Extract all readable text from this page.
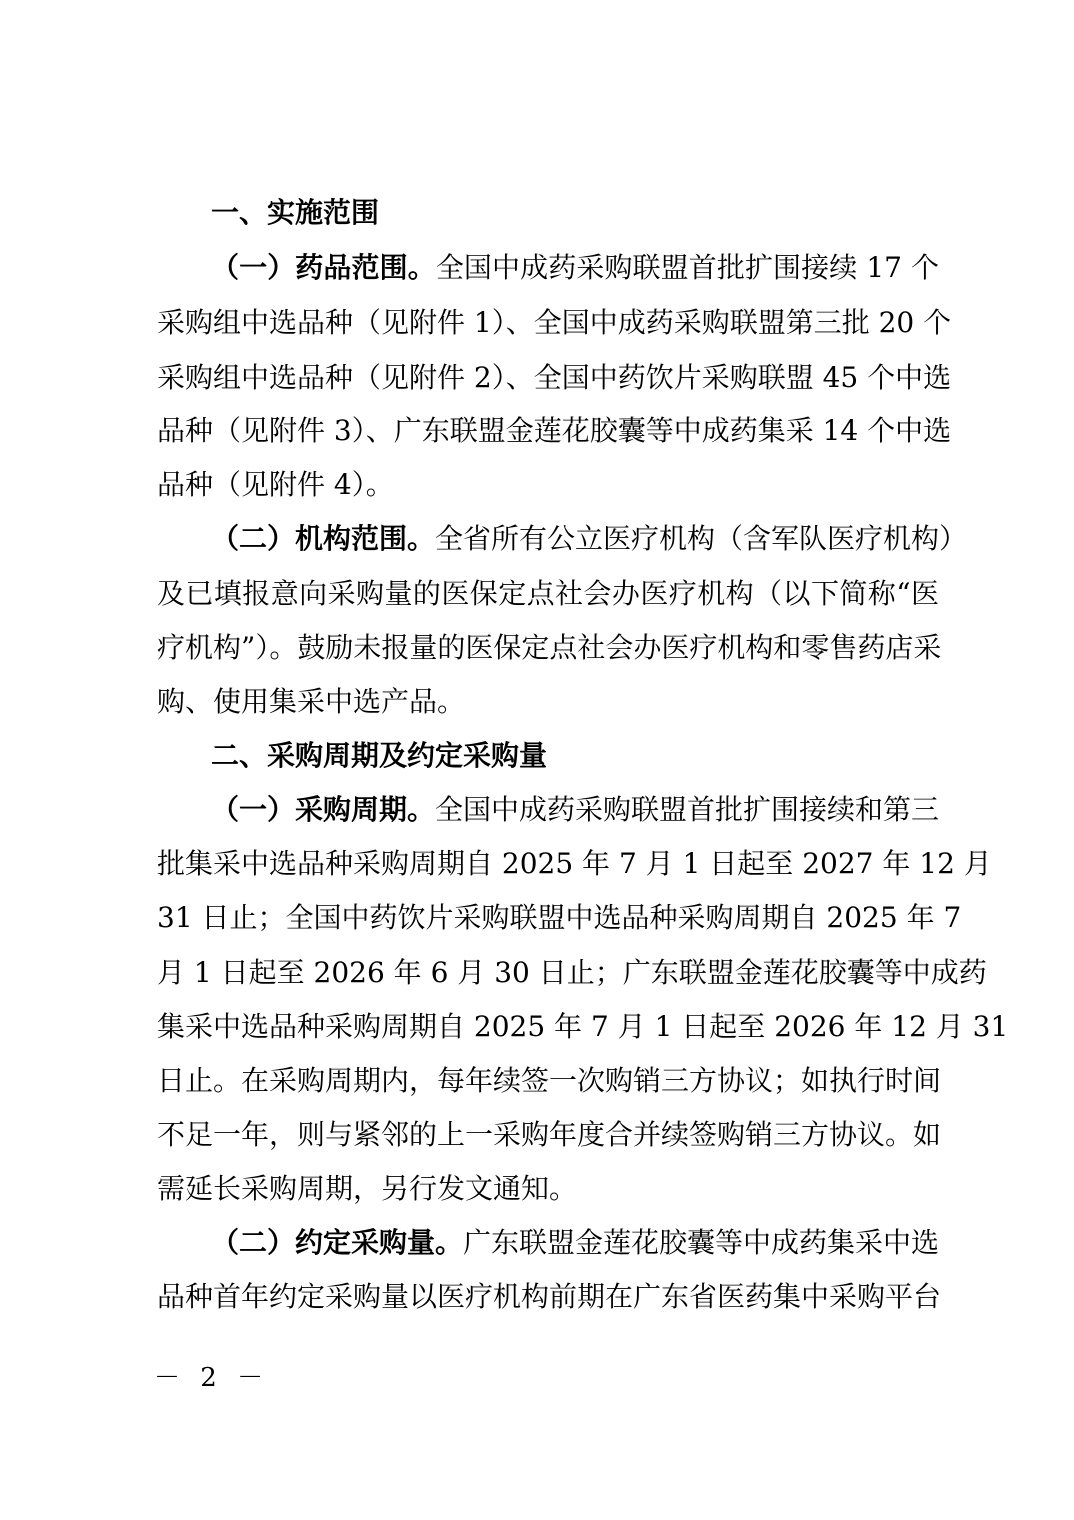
一、实施范围
（一）药品范围。全国中成药采购联盟首批扩围接续 17 个
采购组中选品种（见附件 1）、全国中成药采购联盟第三批 20 个
采购组中选品种（见附件 2）、全国中药饮片采购联盟 45 个中选
品种（见附件 3）、广东联盟金莲花胶囊等中成药集采 14 个中选
品种（见附件 4）。
（二）机构范围。全省所有公立医疗机构（含军队医疗机构）
及已填报意向采购量的医保定点社会办医疗机构（以下简称“医
疗机构”）。鼓励未报量的医保定点社会办医疗机构和零售药店采
购、使用集采中选产品。
二、采购周期及约定采购量
（一）采购周期。全国中成药采购联盟首批扩围接续和第三
批集采中选品种采购周期自 2025 年 7 月 1 日起至 2027 年 12 月
31 日止；全国中药饮片采购联盟中选品种采购周期自 2025 年 7
月 1 日起至 2026 年 6 月 30 日止；广东联盟金莲花胶囊等中成药
集采中选品种采购周期自 2025 年 7 月 1 日起至 2026 年 12 月 31
日止。在采购周期内，每年续签一次购销三方协议；如执行时间
不足一年，则与紧邻的上一采购年度合并续签购销三方协议。如
需延长采购周期，另行发文通知。
（二）约定采购量。广东联盟金莲花胶囊等中成药集采中选
品种首年约定采购量以医疗机构前期在广东省医药集中采购平台
－ 2 －
